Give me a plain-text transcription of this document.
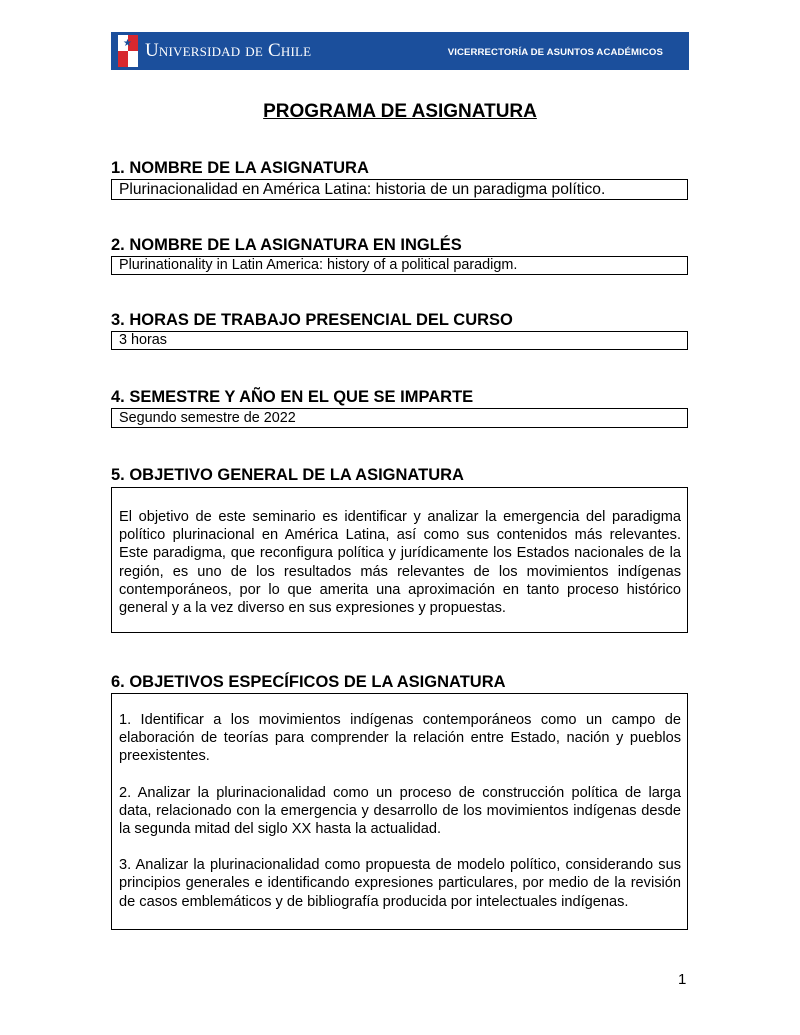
★ Universidad de Chile	VICERRECTORÍA DE ASUNTOS ACADÉMICOS
PROGRAMA DE ASIGNATURA
1. NOMBRE DE LA ASIGNATURA
Plurinacionalidad en América Latina: historia de un paradigma político.
2. NOMBRE DE LA ASIGNATURA EN INGLÉS
Plurinationality in Latin America: history of a political paradigm.
3. HORAS DE TRABAJO PRESENCIAL DEL CURSO
3 horas
4. SEMESTRE Y AÑO EN EL QUE SE IMPARTE
Segundo semestre de 2022
5. OBJETIVO GENERAL DE LA ASIGNATURA

El objetivo de este seminario es identificar y analizar la emergencia del paradigma político plurinacional en América Latina, así como sus contenidos más relevantes. Este paradigma, que reconfigura política y jurídicamente los Estados nacionales de la región, es uno de los resultados más relevantes de los movimientos indígenas contemporáneos, por lo que amerita una aproximación en tanto proceso histórico general y a la vez diverso en sus expresiones y propuestas.

6. OBJETIVOS ESPECÍFICOS DE LA ASIGNATURA

1. Identificar a los movimientos indígenas contemporáneos como un campo de elaboración de teorías para comprender la relación entre Estado, nación y pueblos preexistentes.

2. Analizar la plurinacionalidad como un proceso de construcción política de larga data, relacionado con la emergencia y desarrollo de los movimientos indígenas desde la segunda mitad del siglo XX hasta la actualidad.

3. Analizar la plurinacionalidad como propuesta de modelo político, considerando sus principios generales e identificando expresiones particulares, por medio de la revisión de casos emblemáticos y de bibliografía producida por intelectuales indígenas.

1
